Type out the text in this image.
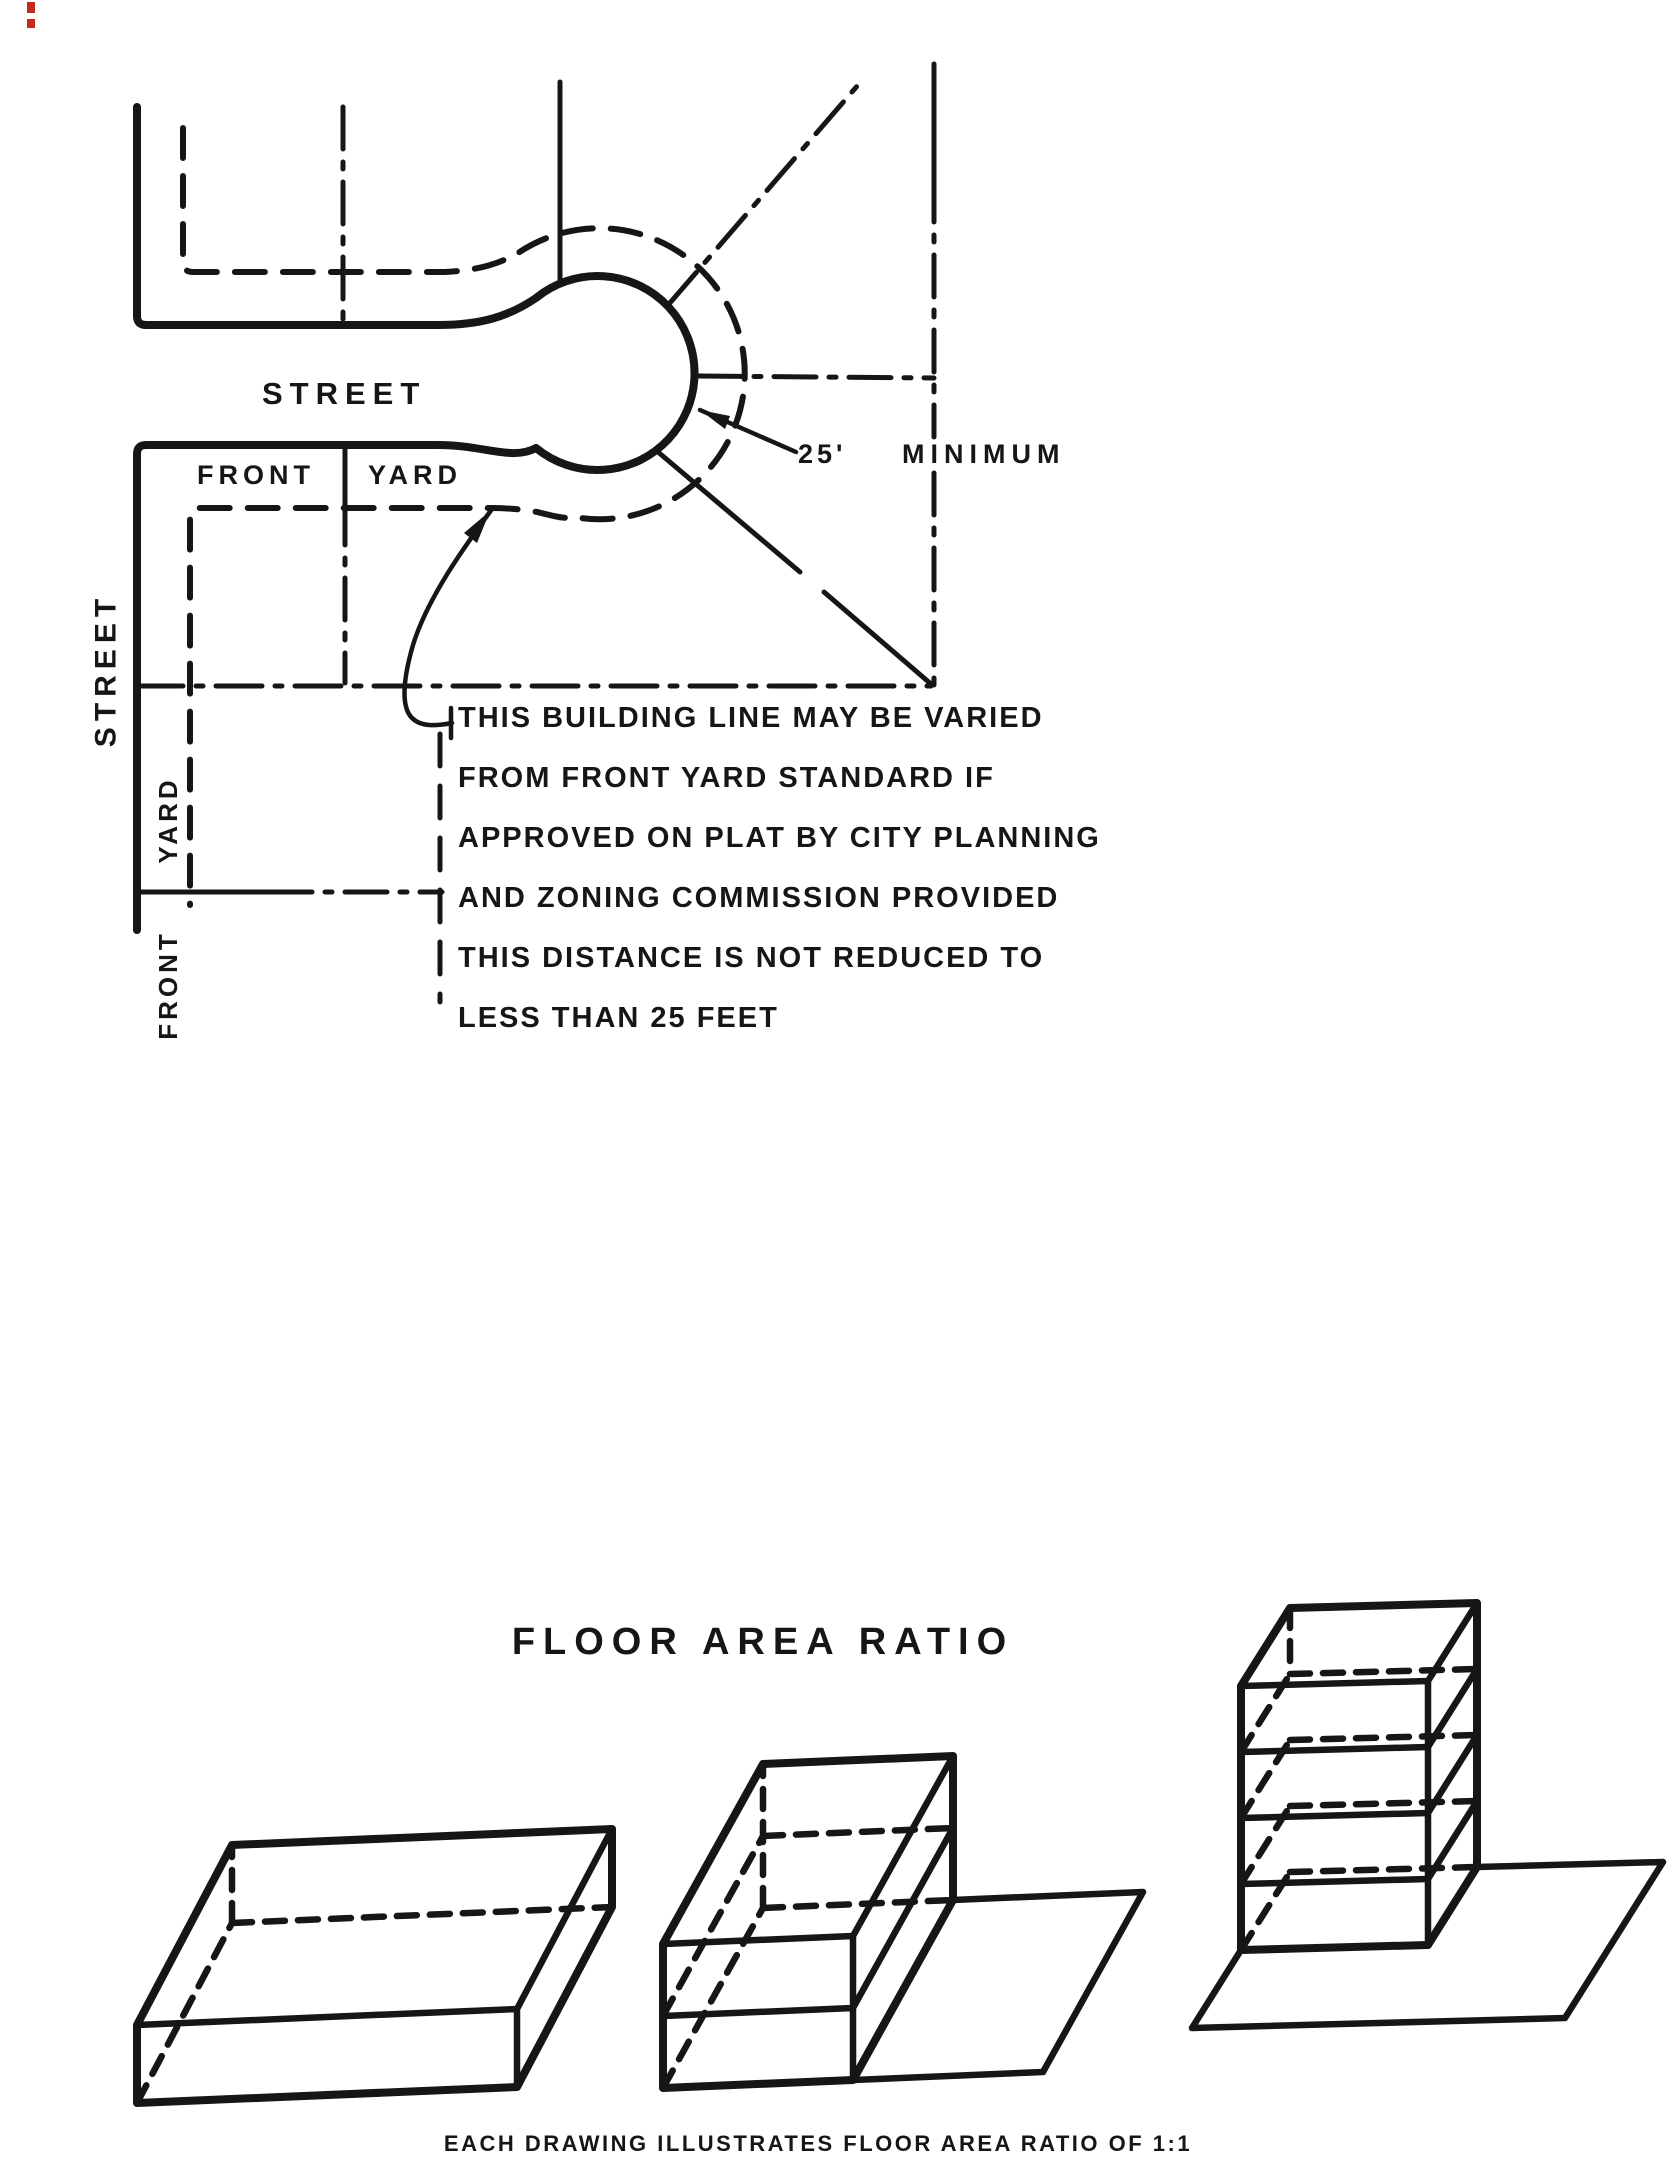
25' MINIMUM
STREET
FRONT YARD
STREET
YARD
FRONT
THIS BUILDING LINE MAY BE VARIED
FROM FRONT YARD STANDARD IF
APPROVED ON PLAT BY CITY PLANNING
AND ZONING COMMISSION PROVIDED
THIS DISTANCE IS NOT REDUCED TO
LESS THAN 25 FEET
FLOOR AREA RATIO
EACH DRAWING ILLUSTRATES FLOOR AREA RATIO OF 1:1
